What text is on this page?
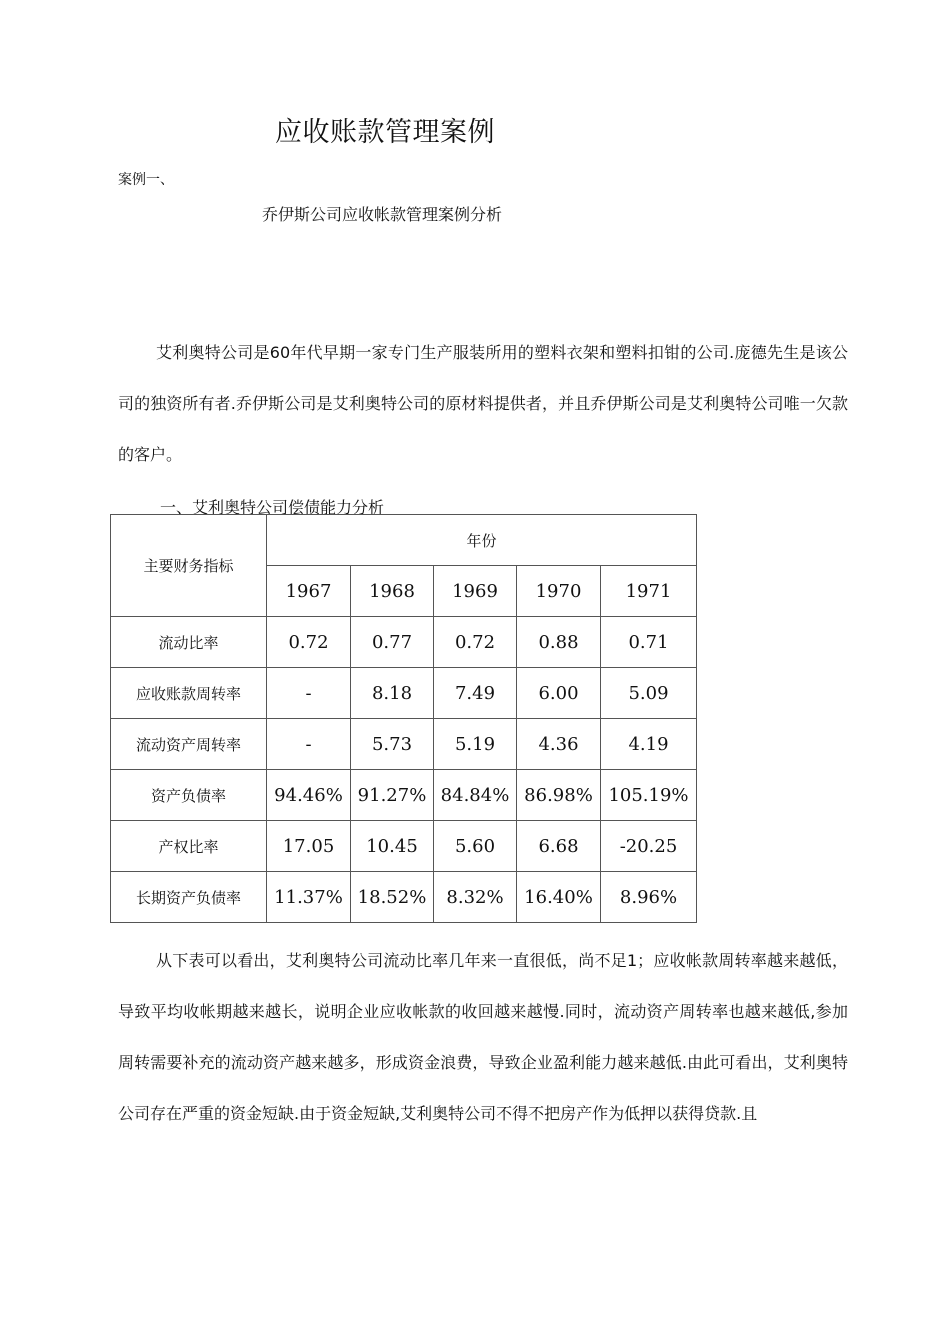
应收账款管理案例
案例一、
乔伊斯公司应收帐款管理案例分析

艾利奥特公司是60年代早期一家专门生产服装所用的塑料衣架和塑料扣钳的公司.庞德先生是该公司的独资所有者.乔伊斯公司是艾利奥特公司的原材料提供者，并且乔伊斯公司是艾利奥特公司唯一欠款的客户。

一、艾利奥特公司偿债能力分析
主要财务指标	年份				
	1967	1968	1969	1970	1971
流动比率	0.72	0.77	0.72	0.88	0.71
应收账款周转率	-	8.18	7.49	6.00	5.09
流动资产周转率	-	5.73	5.19	4.36	4.19
资产负债率	94.46%	91.27%	84.84%	86.98%	105.19%
产权比率	17.05	10.45	5.60	6.68	-20.25
长期资产负债率	11.37%	18.52%	8.32%	16.40%	8.96%

从下表可以看出，艾利奥特公司流动比率几年来一直很低，尚不足1；应收帐款周转率越来越低，导致平均收帐期越来越长，说明企业应收帐款的收回越来越慢.同时，流动资产周转率也越来越低,参加周转需要补充的流动资产越来越多，形成资金浪费，导致企业盈利能力越来越低.由此可看出，艾利奥特公司存在严重的资金短缺.由于资金短缺,艾利奥特公司不得不把房产作为低押以获得贷款.且
